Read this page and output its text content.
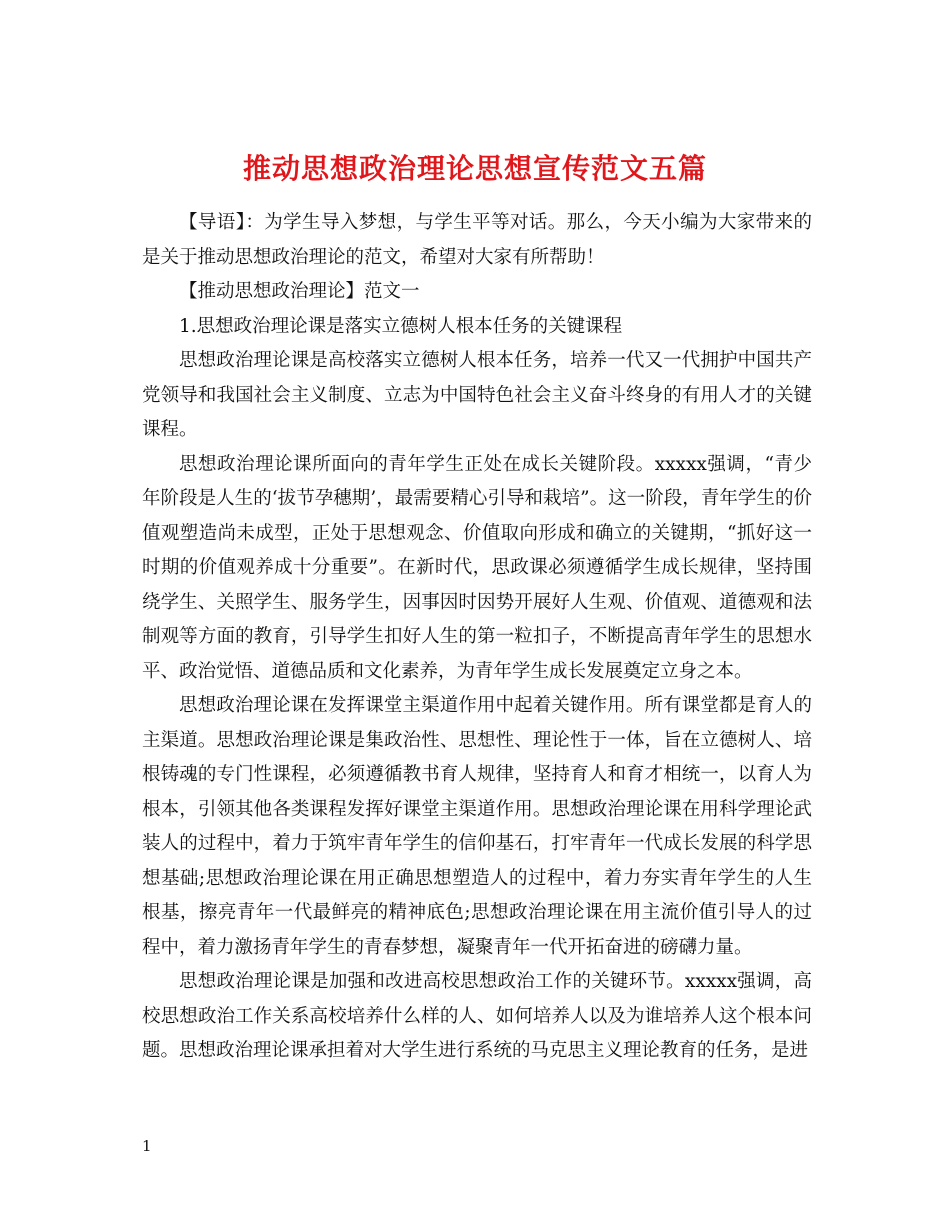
推动思想政治理论思想宣传范文五篇

【导语】：为学生导入梦想，与学生平等对话。那么，今天小编为大家带来的是关于推动思想政治理论的范文，希望对大家有所帮助！

【推动思想政治理论】范文一

1.思想政治理论课是落实立德树人根本任务的关键课程

思想政治理论课是高校落实立德树人根本任务，培养一代又一代拥护中国共产党领导和我国社会主义制度、立志为中国特色社会主义奋斗终身的有用人才的关键课程。

思想政治理论课所面向的青年学生正处在成长关键阶段。xxxxx强调，“青少年阶段是人生的‘拔节孕穗期’，最需要精心引导和栽培”。这一阶段，青年学生的价值观塑造尚未成型，正处于思想观念、价值取向形成和确立的关键期，“抓好这一时期的价值观养成十分重要”。在新时代，思政课必须遵循学生成长规律，坚持围绕学生、关照学生、服务学生，因事因时因势开展好人生观、价值观、道德观和法制观等方面的教育，引导学生扣好人生的第一粒扣子，不断提高青年学生的思想水平、政治觉悟、道德品质和文化素养，为青年学生成长发展奠定立身之本。

思想政治理论课在发挥课堂主渠道作用中起着关键作用。所有课堂都是育人的主渠道。思想政治理论课是集政治性、思想性、理论性于一体，旨在立德树人、培根铸魂的专门性课程，必须遵循教书育人规律，坚持育人和育才相统一，以育人为根本，引领其他各类课程发挥好课堂主渠道作用。思想政治理论课在用科学理论武装人的过程中，着力于筑牢青年学生的信仰基石，打牢青年一代成长发展的科学思想基础;思想政治理论课在用正确思想塑造人的过程中，着力夯实青年学生的人生根基，擦亮青年一代最鲜亮的精神底色;思想政治理论课在用主流价值引导人的过程中，着力激扬青年学生的青春梦想，凝聚青年一代开拓奋进的磅礴力量。

思想政治理论课是加强和改进高校思想政治工作的关键环节。xxxxx强调，高校思想政治工作关系高校培养什么样的人、如何培养人以及为谁培养人这个根本问题。思想政治理论课承担着对大学生进行系统的马克思主义理论教育的任务，是进

1
